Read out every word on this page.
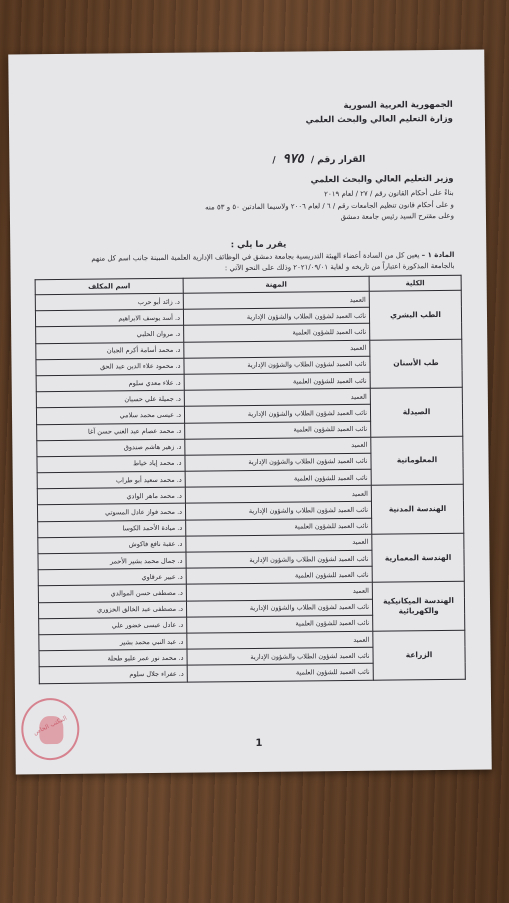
الجمهورية العربية السورية
وزارة التعليم العالي والبحث العلمي
القرار رقم / ٩٧٥ /
وزير التعليم العالي والبحث العلمي
بناءً على أحكام القانون رقم / ٢٧ / لعام ٢٠١٩
و على أحكام قانون تنظيم الجامعات رقم / ٦ / لعام ٢٠٠٦ ولاسيما المادتين ٥٠ و ٥٣ منه
وعلى مقترح السيد رئيس جامعة دمشق
يقرر ما يلي :
المادة ١ – يعين كل من السادة أعضاء الهيئة التدريسية بجامعة دمشق في الوظائف الإدارية العلمية المبينة جانب اسم كل منهم
بالجامعة المذكورة اعتباراً من تاريخه و لغاية ٢٠٢١/٠٩/٠١ وذلك على النحو الآتي :
الكلية	المهنة	اسم المكلف
الطب البشري	العميد	د. زائد أبو حرب
	نائب العميد لشؤون الطلاب والشؤون الإدارية	د. أسد يوسف الابراهيم
	نائب العميد للشؤون العلمية	د. مروان الحلبي
طب الأسنان	العميد	د. محمد أسامة أكرم الجبان
	نائب العميد لشؤون الطلاب والشؤون الإدارية	د. محمود علاء الدين عبد الحق
	نائب العميد للشؤون العلمية	د. علاء معدي سلوم
الصيدلة	العميد	د. جميلة علي حسبان
	نائب العميد لشؤون الطلاب والشؤون الإدارية	د. عيسى محمد سلامي
	نائب العميد للشؤون العلمية	د. محمد عصام عبد الغني حسن آغا
المعلوماتية	العميد	د. زهير هاشم صندوق
	نائب العميد لشؤون الطلاب والشؤون الإدارية	د. محمد إياد خياط
	نائب العميد للشؤون العلمية	د. محمد سعيد أبو طراب
الهندسة المدنية	العميد	د. محمد ماهر الوادي
	نائب العميد لشؤون الطلاب والشؤون الإدارية	د. محمد فواز عادل المسوتي
	نائب العميد للشؤون العلمية	د. ميادة الأحمد الكوسا
الهندسة المعمارية	العميد	د. عقبة نافع فاكوش
	نائب العميد لشؤون الطلاب والشؤون الإدارية	د. جمال محمد بشير الأحمر
	نائب العميد للشؤون العلمية	د. عبير عرقاوي
الهندسة الميكانيكية والكهربائية	العميد	د. مصطفى حسن الموالدي
	نائب العميد لشؤون الطلاب والشؤون الإدارية	د. مصطفى عبد الخالق الخزوري
	نائب العميد للشؤون العلمية	د. عادل عيسى خضور علي
الزراعة	العميد	د. عبد النبي محمد بشير
	نائب العميد لشؤون الطلاب والشؤون الإدارية	د. محمد نور عمر عليو طحلة
	نائب العميد للشؤون العلمية	د. عفراء جلال سلوم
1
المكتب الخاص
